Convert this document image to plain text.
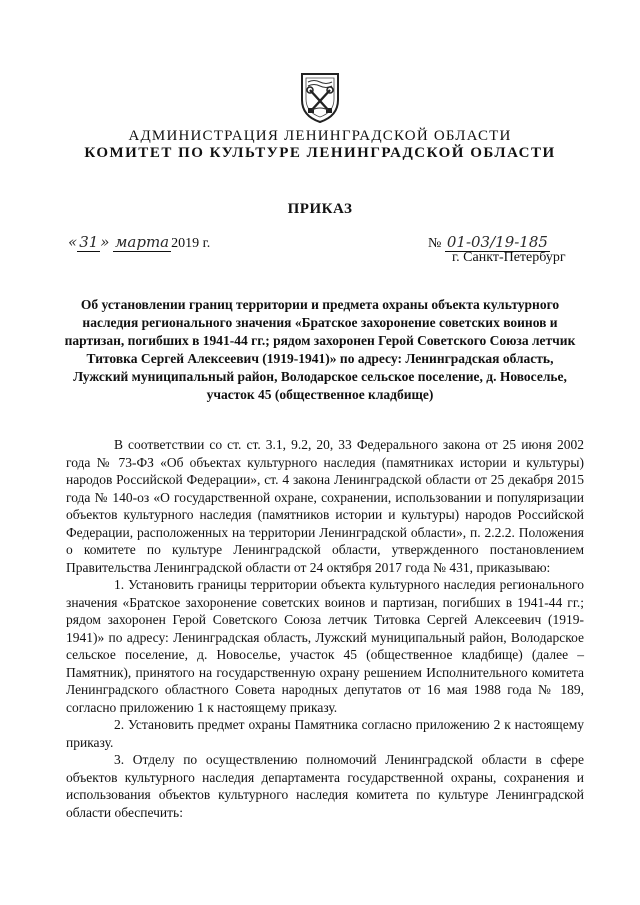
АДМИНИСТРАЦИЯ ЛЕНИНГРАДСКОЙ ОБЛАСТИ
КОМИТЕТ ПО КУЛЬТУРЕ ЛЕНИНГРАДСКОЙ ОБЛАСТИ
ПРИКАЗ
« 31 » марта 2019 г.	№ 01-03/19-185
г. Санкт-Петербург
Об установлении границ территории и предмета охраны объекта культурного наследия регионального значения «Братское захоронение советских воинов и партизан, погибших в 1941-44 гг.; рядом захоронен Герой Советского Союза летчик Титовка Сергей Алексеевич (1919-1941)» по адресу: Ленинградская область, Лужский муниципальный район, Володарское сельское поселение, д. Новоселье, участок 45 (общественное кладбище)

В соответствии со ст. ст. 3.1, 9.2, 20, 33 Федерального закона от 25 июня 2002 года № 73-ФЗ «Об объектах культурного наследия (памятниках истории и культуры) народов Российской Федерации», ст. 4 закона Ленинградской области от 25 декабря 2015 года № 140-оз «О государственной охране, сохранении, использовании и популяризации объектов культурного наследия (памятников истории и культуры) народов Российской Федерации, расположенных на территории Ленинградской области», п. 2.2.2. Положения о комитете по культуре Ленинградской области, утвержденного постановлением Правительства Ленинградской области от 24 октября 2017 года № 431, приказываю:

1. Установить границы территории объекта культурного наследия регионального значения «Братское захоронение советских воинов и партизан, погибших в 1941-44 гг.; рядом захоронен Герой Советского Союза летчик Титовка Сергей Алексеевич (1919-1941)» по адресу: Ленинградская область, Лужский муниципальный район, Володарское сельское поселение, д. Новоселье, участок 45 (общественное кладбище) (далее – Памятник), принятого на государственную охрану решением Исполнительного комитета Ленинградского областного Совета народных депутатов от 16 мая 1988 года № 189, согласно приложению 1 к настоящему приказу.

2. Установить предмет охраны Памятника согласно приложению 2 к настоящему приказу.

3. Отделу по осуществлению полномочий Ленинградской области в сфере объектов культурного наследия департамента государственной охраны, сохранения и использования объектов культурного наследия комитета по культуре Ленинградской области обеспечить:
